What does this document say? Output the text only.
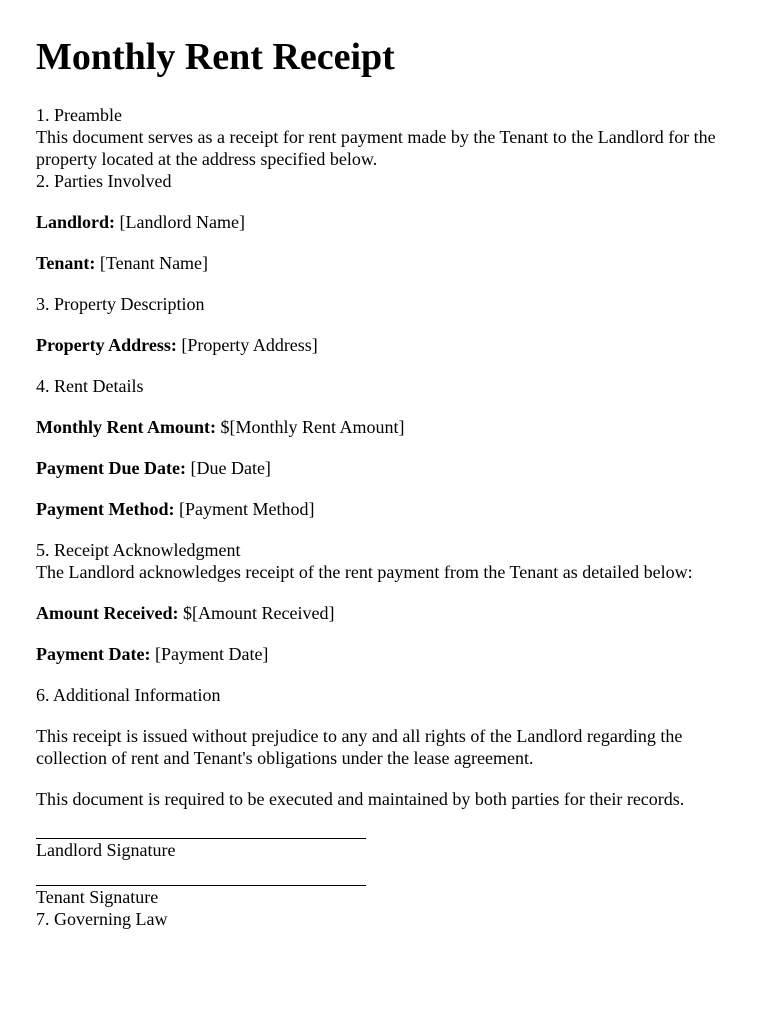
Monthly Rent Receipt

1. Preamble

This document serves as a receipt for rent payment made by the Tenant to the Landlord for the property located at the address specified below.

2. Parties Involved

Landlord: [Landlord Name]

Tenant: [Tenant Name]

3. Property Description

Property Address: [Property Address]

4. Rent Details

Monthly Rent Amount: $[Monthly Rent Amount]

Payment Due Date: [Due Date]

Payment Method: [Payment Method]

5. Receipt Acknowledgment

The Landlord acknowledges receipt of the rent payment from the Tenant as detailed below:

Amount Received: $[Amount Received]

Payment Date: [Payment Date]

6. Additional Information

This receipt is issued without prejudice to any and all rights of the Landlord regarding the collection of rent and Tenant's obligations under the lease agreement.

This document is required to be executed and maintained by both parties for their records.

Landlord Signature

Tenant Signature

7. Governing Law
